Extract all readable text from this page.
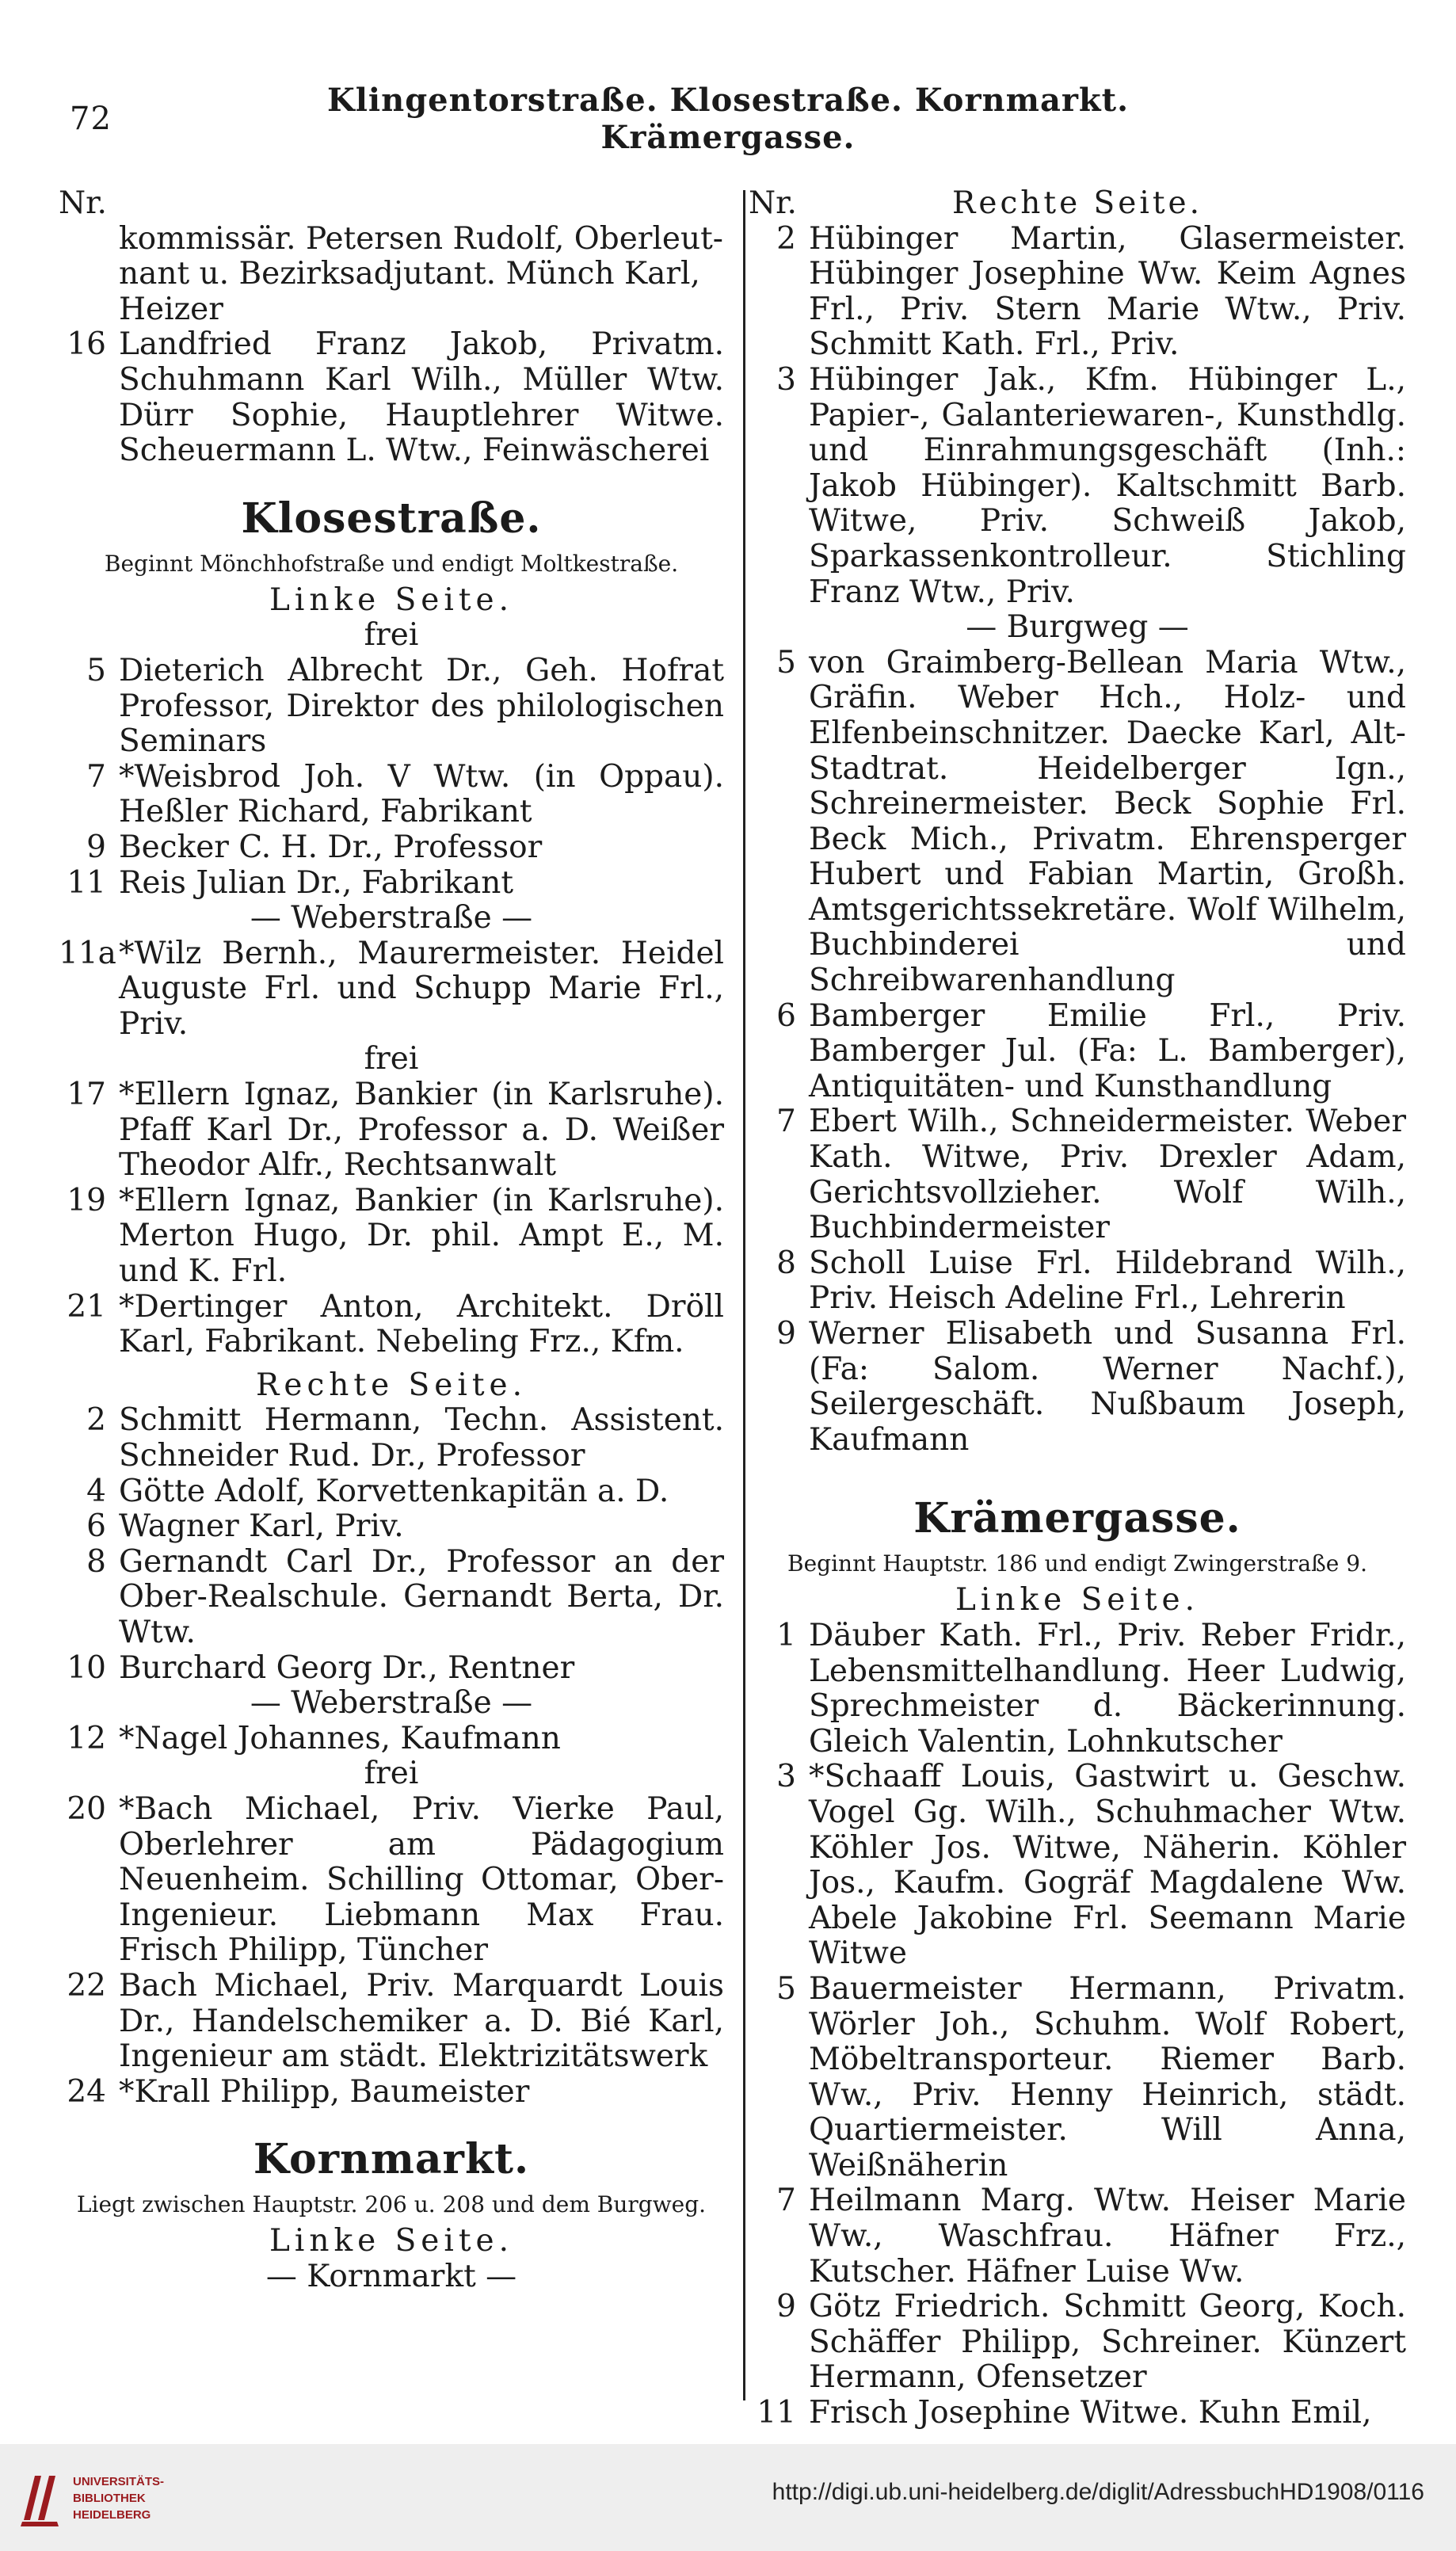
72	Klingentorstraße. Klosestraße. Kornmarkt. Krämergasse.
Nr.
kommissär. Petersen Rudolf, Oberleut-
nant u. Bezirksadjutant. Münch Karl,
Heizer
16 Landfried Franz Jakob, Privatm. Schuhmann Karl Wilh., Müller Wtw. Dürr Sophie, Hauptlehrer Witwe. Scheuermann L. Wtw., Feinwäscherei
Klosestraße.
Beginnt Mönchhofstraße und endigt Moltkestraße.
Linke Seite.
frei
5 Dieterich Albrecht Dr., Geh. Hofrat Professor, Direktor des philologischen Seminars
7 *Weisbrod Joh. V Wtw. (in Oppau). Heßler Richard, Fabrikant
9 Becker C. H. Dr., Professor
11 Reis Julian Dr., Fabrikant
— Weberstraße —
11a *Wilz Bernh., Maurermeister. Heidel Auguste Frl. und Schupp Marie Frl., Priv.
frei
17 *Ellern Ignaz, Bankier (in Karlsruhe). Pfaff Karl Dr., Professor a. D. Weißer Theodor Alfr., Rechtsanwalt
19 *Ellern Ignaz, Bankier (in Karlsruhe). Merton Hugo, Dr. phil. Ampt E., M. und K. Frl.
21 *Dertinger Anton, Architekt. Dröll Karl, Fabrikant. Nebeling Frz., Kfm.
Rechte Seite.
2 Schmitt Hermann, Techn. Assistent. Schneider Rud. Dr., Professor
4 Götte Adolf, Korvettenkapitän a. D.
6 Wagner Karl, Priv.
8 Gernandt Carl Dr., Professor an der Ober-Realschule. Gernandt Berta, Dr. Wtw.
10 Burchard Georg Dr., Rentner
— Weberstraße —
12 *Nagel Johannes, Kaufmann
frei
20 *Bach Michael, Priv. Vierke Paul, Oberlehrer am Pädagogium Neuenheim. Schilling Ottomar, Ober-Ingenieur. Liebmann Max Frau. Frisch Philipp, Tüncher
22 Bach Michael, Priv. Marquardt Louis Dr., Handelschemiker a. D. Bié Karl, Ingenieur am städt. Elektrizitätswerk
24 *Krall Philipp, Baumeister
Kornmarkt.
Liegt zwischen Hauptstr. 206 u. 208 und dem Burgweg.
Linke Seite.
— Kornmarkt —
Nr.	Rechte Seite.
2 Hübinger Martin, Glasermeister. Hübinger Josephine Ww. Keim Agnes Frl., Priv. Stern Marie Wtw., Priv. Schmitt Kath. Frl., Priv.
3 Hübinger Jak., Kfm. Hübinger L., Papier-, Galanteriewaren-, Kunsthdlg. und Einrahmungsgeschäft (Inh.: Jakob Hübinger). Kaltschmitt Barb. Witwe, Priv. Schweiß Jakob, Sparkassenkontrolleur. Stichling Franz Wtw., Priv.
— Burgweg —
5 von Graimberg-Bellean Maria Wtw., Gräfin. Weber Hch., Holz- und Elfenbeinschnitzer. Daecke Karl, Alt-Stadtrat. Heidelberger Ign., Schreinermeister. Beck Sophie Frl. Beck Mich., Privatm. Ehrensperger Hubert und Fabian Martin, Großh. Amtsgerichtssekretäre. Wolf Wilhelm, Buchbinderei und Schreibwarenhandlung
6 Bamberger Emilie Frl., Priv. Bamberger Jul. (Fa: L. Bamberger), Antiquitäten- und Kunsthandlung
7 Ebert Wilh., Schneidermeister. Weber Kath. Witwe, Priv. Drexler Adam, Gerichtsvollzieher. Wolf Wilh., Buchbindermeister
8 Scholl Luise Frl. Hildebrand Wilh., Priv. Heisch Adeline Frl., Lehrerin
9 Werner Elisabeth und Susanna Frl. (Fa: Salom. Werner Nachf.), Seilergeschäft. Nußbaum Joseph, Kaufmann
Krämergasse.
Beginnt Hauptstr. 186 und endigt Zwingerstraße 9.
Linke Seite.
1 Däuber Kath. Frl., Priv. Reber Fridr., Lebensmittelhandlung. Heer Ludwig, Sprechmeister d. Bäckerinnung. Gleich Valentin, Lohnkutscher
3 *Schaaff Louis, Gastwirt u. Geschw. Vogel Gg. Wilh., Schuhmacher Wtw. Köhler Jos. Witwe, Näherin. Köhler Jos., Kaufm. Gogräf Magdalene Ww. Abele Jakobine Frl. Seemann Marie Witwe
5 Bauermeister Hermann, Privatm. Wörler Joh., Schuhm. Wolf Robert, Möbeltransporteur. Riemer Barb. Ww., Priv. Henny Heinrich, städt. Quartiermeister. Will Anna, Weißnäherin
7 Heilmann Marg. Wtw. Heiser Marie Ww., Waschfrau. Häfner Frz., Kutscher. Häfner Luise Ww.
9 Götz Friedrich. Schmitt Georg, Koch. Schäffer Philipp, Schreiner. Künzert Hermann, Ofensetzer
11 Frisch Josephine Witwe. Kuhn Emil,
UNIVERSITÄTS-
BIBLIOTHEK
HEIDELBERG
http://digi.ub.uni-heidelberg.de/diglit/AdressbuchHD1908/0116
